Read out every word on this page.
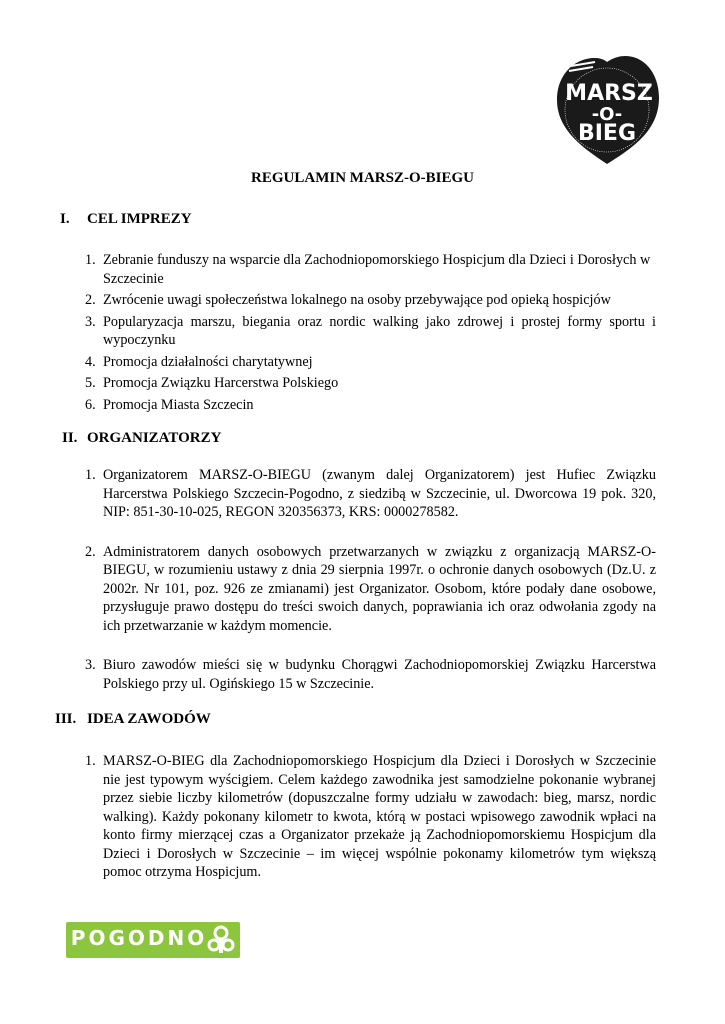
MARSZ
-O-
BIEG
REGULAMIN MARSZ-O-BIEGU
I. CEL IMPREZY
1. Zebranie funduszy na wsparcie dla Zachodniopomorskiego Hospicjum dla Dzieci i Dorosłych w Szczecinie
2. Zwrócenie uwagi społeczeństwa lokalnego na osoby przebywające pod opieką hospicjów
3. Popularyzacja marszu, biegania oraz nordic walking jako zdrowej i prostej formy sportu i wypoczynku
4. Promocja działalności charytatywnej
5. Promocja Związku Harcerstwa Polskiego
6. Promocja Miasta Szczecin
II. ORGANIZATORZY
1. Organizatorem MARSZ-O-BIEGU (zwanym dalej Organizatorem) jest Hufiec Związku Harcerstwa Polskiego Szczecin-Pogodno, z siedzibą w Szczecinie, ul. Dworcowa 19 pok. 320, NIP: 851-30-10-025, REGON 320356373, KRS: 0000278582.
2. Administratorem danych osobowych przetwarzanych w związku z organizacją MARSZ-O-BIEGU, w rozumieniu ustawy z dnia 29 sierpnia 1997r. o ochronie danych osobowych (Dz.U. z 2002r. Nr 101, poz. 926 ze zmianami) jest Organizator. Osobom, które podały dane osobowe, przysługuje prawo dostępu do treści swoich danych, poprawiania ich oraz odwołania zgody na ich przetwarzanie w każdym momencie.
3. Biuro zawodów mieści się w budynku Chorągwi Zachodniopomorskiej Związku Harcerstwa Polskiego przy ul. Ogińskiego 15 w Szczecinie.
III. IDEA ZAWODÓW
1. MARSZ-O-BIEG dla Zachodniopomorskiego Hospicjum dla Dzieci i Dorosłych w Szczecinie nie jest typowym wyścigiem. Celem każdego zawodnika jest samodzielne pokonanie wybranej przez siebie liczby kilometrów (dopuszczalne formy udziału w zawodach: bieg, marsz, nordic walking). Każdy pokonany kilometr to kwota, którą w postaci wpisowego zawodnik wpłaci na konto firmy mierzącej czas a Organizator przekaże ją Zachodniopomorskiemu Hospicjum dla Dzieci i Dorosłych w Szczecinie – im więcej wspólnie pokonamy kilometrów tym większą pomoc otrzyma Hospicjum.
POGODNO
